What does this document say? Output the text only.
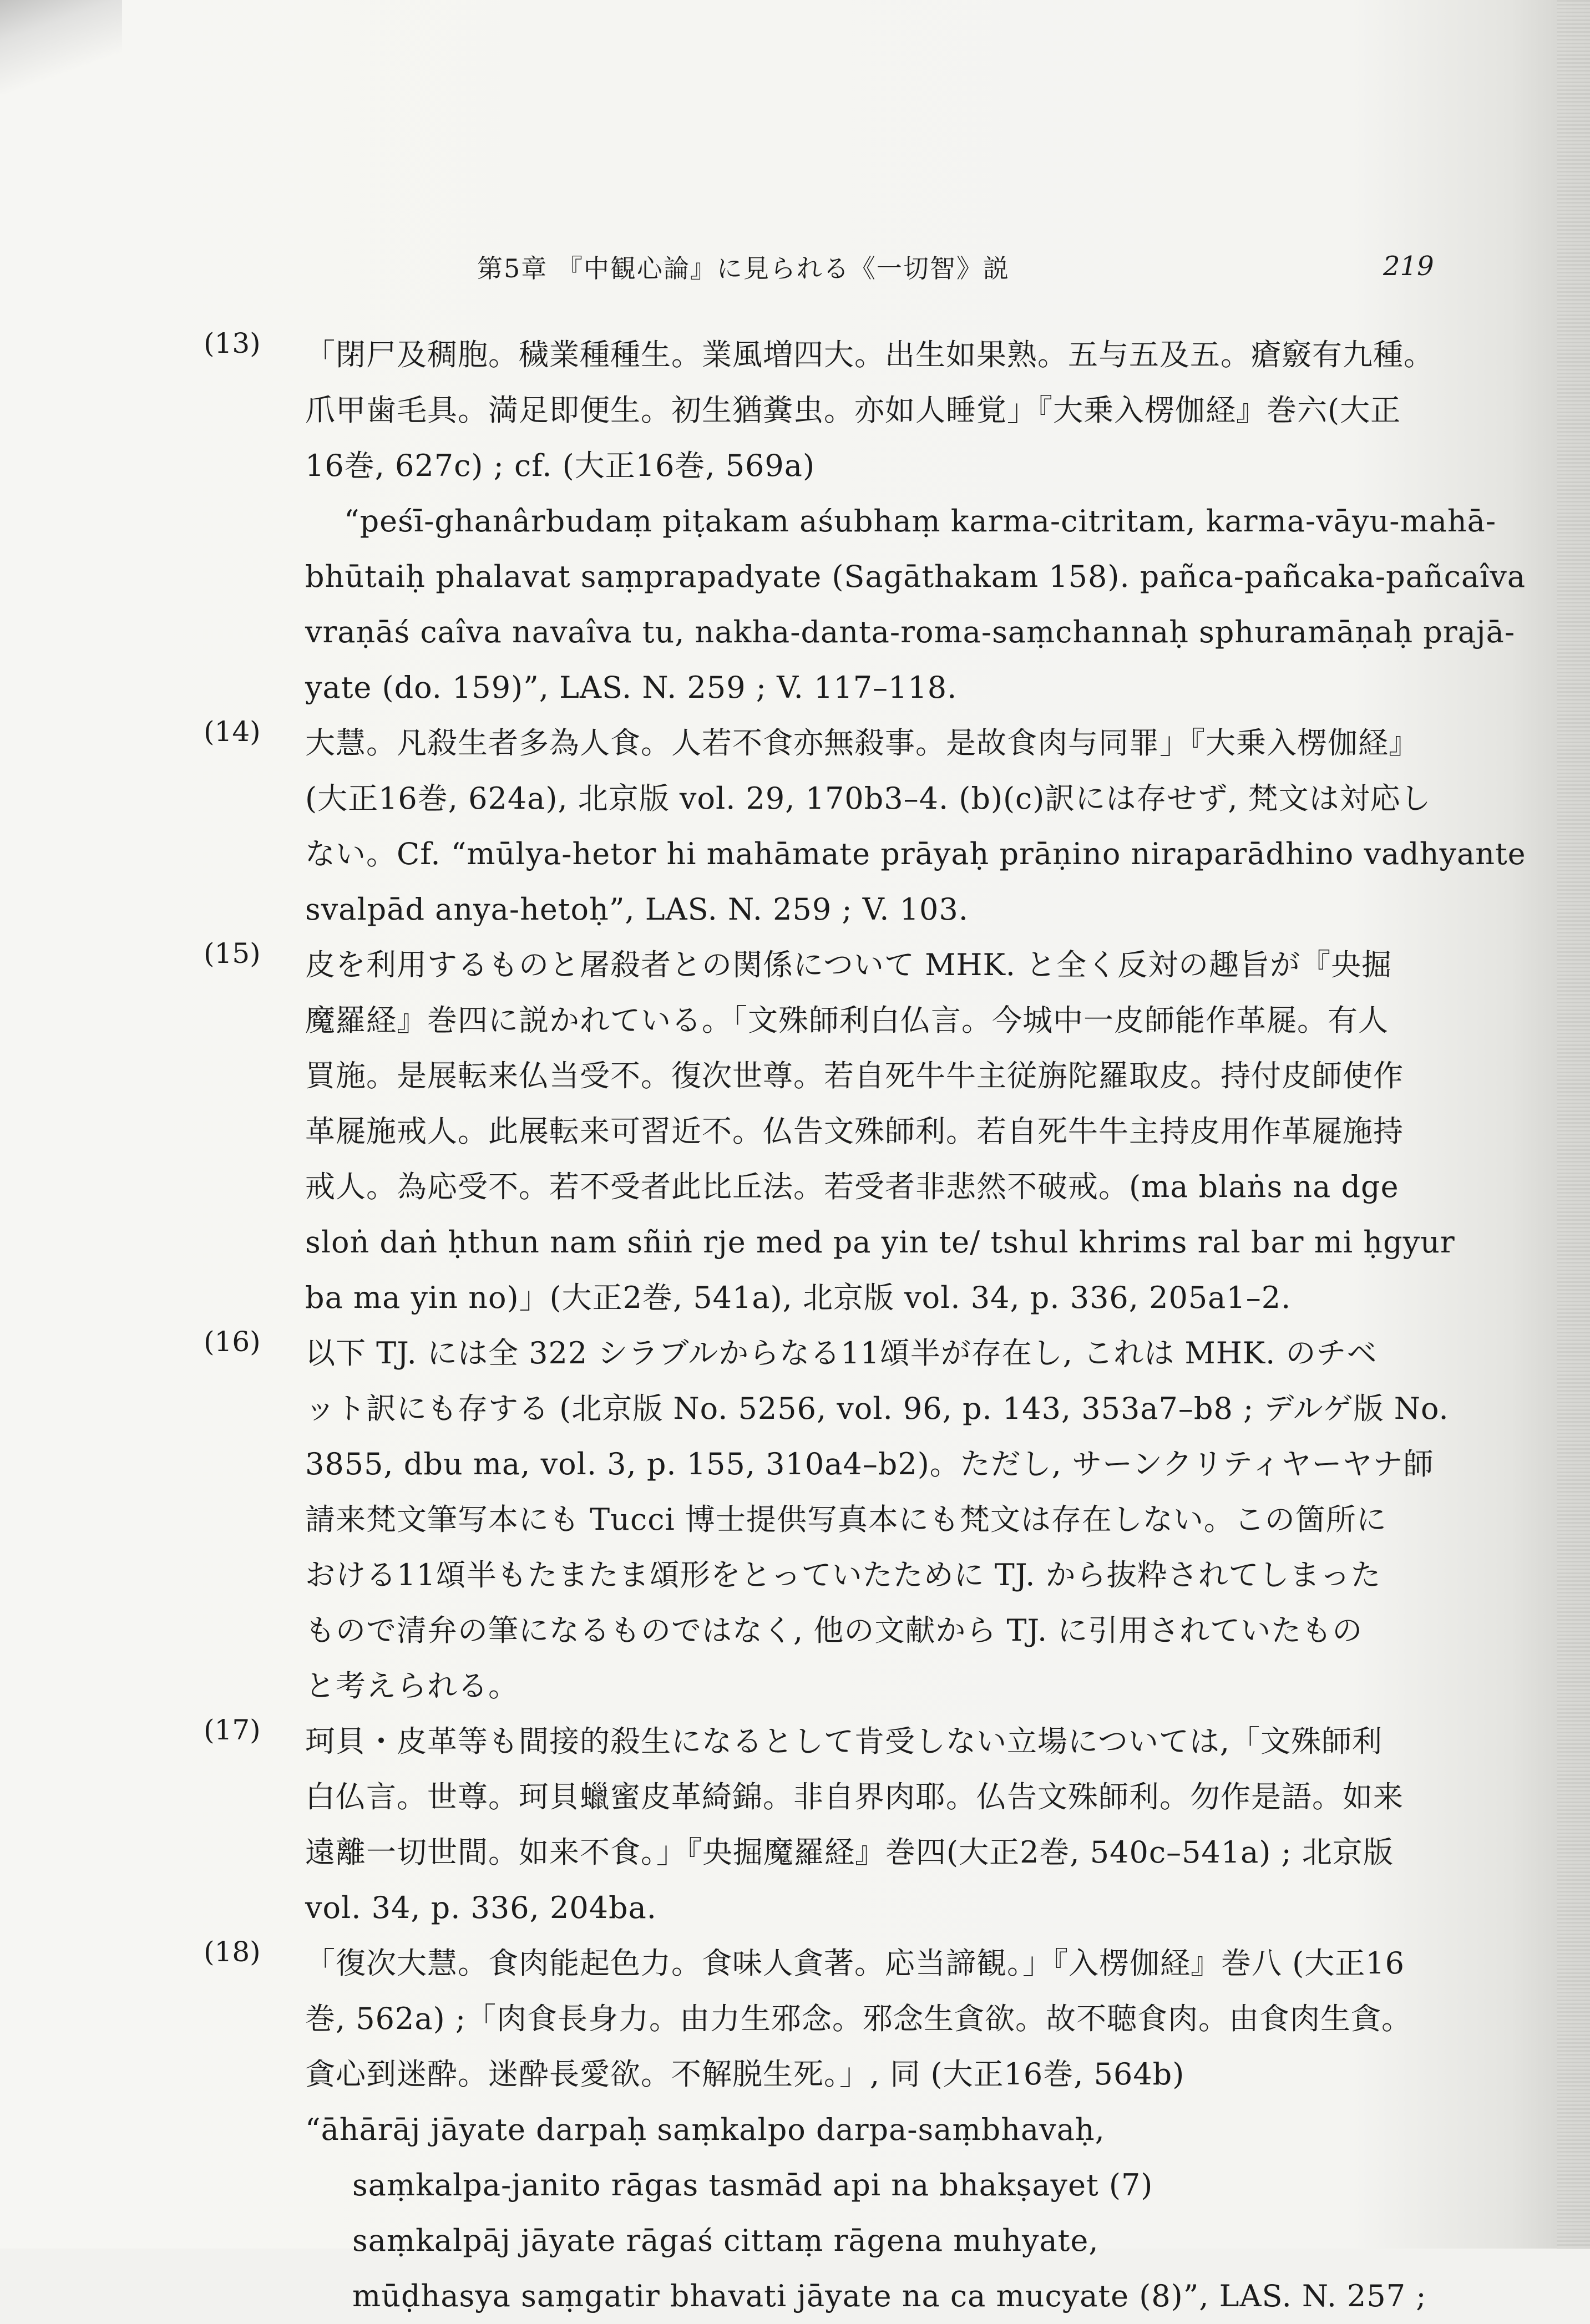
第5章 『中観心論』に見られる《一切智》説	219
(13) 「閉尸及稠胞。穢業種種生。業風増四大。出生如果熟。五与五及五。瘡竅有九種。
爪甲歯毛具。満足即便生。初生猶糞虫。亦如人睡覚」『大乗入楞伽経』巻六(大正
16巻, 627c) ; cf. (大正16巻, 569a)
“peśī-ghanârbudaṃ piṭakam aśubhaṃ karma-citritam, karma-vāyu-mahā-
bhūtaiḥ phalavat saṃprapadyate (Sagāthakam 158). pañca-pañcaka-pañcaîva
vraṇāś caîva navaîva tu, nakha-danta-roma-saṃchannaḥ sphuramāṇaḥ prajā-
yate (do. 159)”, LAS. N. 259 ; V. 117–118.
(14) 大慧。凡殺生者多為人食。人若不食亦無殺事。是故食肉与同罪」『大乗入楞伽経』
(大正16巻, 624a), 北京版 vol. 29, 170b3–4. (b)(c)訳には存せず, 梵文は対応し
ない。Cf. “mūlya-hetor hi mahāmate prāyaḥ prāṇino niraparādhino vadhyante
svalpād anya-hetoḥ”, LAS. N. 259 ; V. 103.
(15) 皮を利用するものと屠殺者との関係について MHK. と全く反対の趣旨が『央掘
魔羅経』巻四に説かれている。「文殊師利白仏言。今城中一皮師能作革屣。有人
買施。是展転来仏当受不。復次世尊。若自死牛牛主従旃陀羅取皮。持付皮師使作
革屣施戒人。此展転来可習近不。仏告文殊師利。若自死牛牛主持皮用作革屣施持
戒人。為応受不。若不受者此比丘法。若受者非悲然不破戒。(ma blaṅs na dge
sloṅ daṅ ḥthun nam sñiṅ rje med pa yin te/ tshul khrims ral bar mi ḥgyur
ba ma yin no)」(大正2巻, 541a), 北京版 vol. 34, p. 336, 205a1–2.
(16) 以下 TJ. には全 322 シラブルからなる11頌半が存在し, これは MHK. のチベ
ット訳にも存する (北京版 No. 5256, vol. 96, p. 143, 353a7–b8 ; デルゲ版 No.
3855, dbu ma, vol. 3, p. 155, 310a4–b2)。ただし, サーンクリティヤーヤナ師
請来梵文筆写本にも Tucci 博士提供写真本にも梵文は存在しない。この箇所に
おける11頌半もたまたま頌形をとっていたために TJ. から抜粋されてしまった
もので清弁の筆になるものではなく, 他の文献から TJ. に引用されていたもの
と考えられる。
(17) 珂貝・皮革等も間接的殺生になるとして肯受しない立場については,「文殊師利
白仏言。世尊。珂貝蠟蜜皮革綺錦。非自界肉耶。仏告文殊師利。勿作是語。如来
遠離一切世間。如来不食。」『央掘魔羅経』巻四(大正2巻, 540c–541a) ; 北京版
vol. 34, p. 336, 204ba.
(18) 「復次大慧。食肉能起色力。食味人貪著。応当諦観。」『入楞伽経』巻八 (大正16
巻, 562a) ;「肉食長身力。由力生邪念。邪念生貪欲。故不聴食肉。由食肉生貪。
貪心到迷酔。迷酔長愛欲。不解脱生死。」, 同 (大正16巻, 564b)
“āhārāj jāyate darpaḥ saṃkalpo darpa-saṃbhavaḥ,
saṃkalpa-janito rāgas tasmād api na bhakṣayet (7)
saṃkalpāj jāyate rāgaś cittaṃ rāgena muhyate,
mūḍhasya saṃgatir bhavati jāyate na ca mucyate (8)”, LAS. N. 257 ;
